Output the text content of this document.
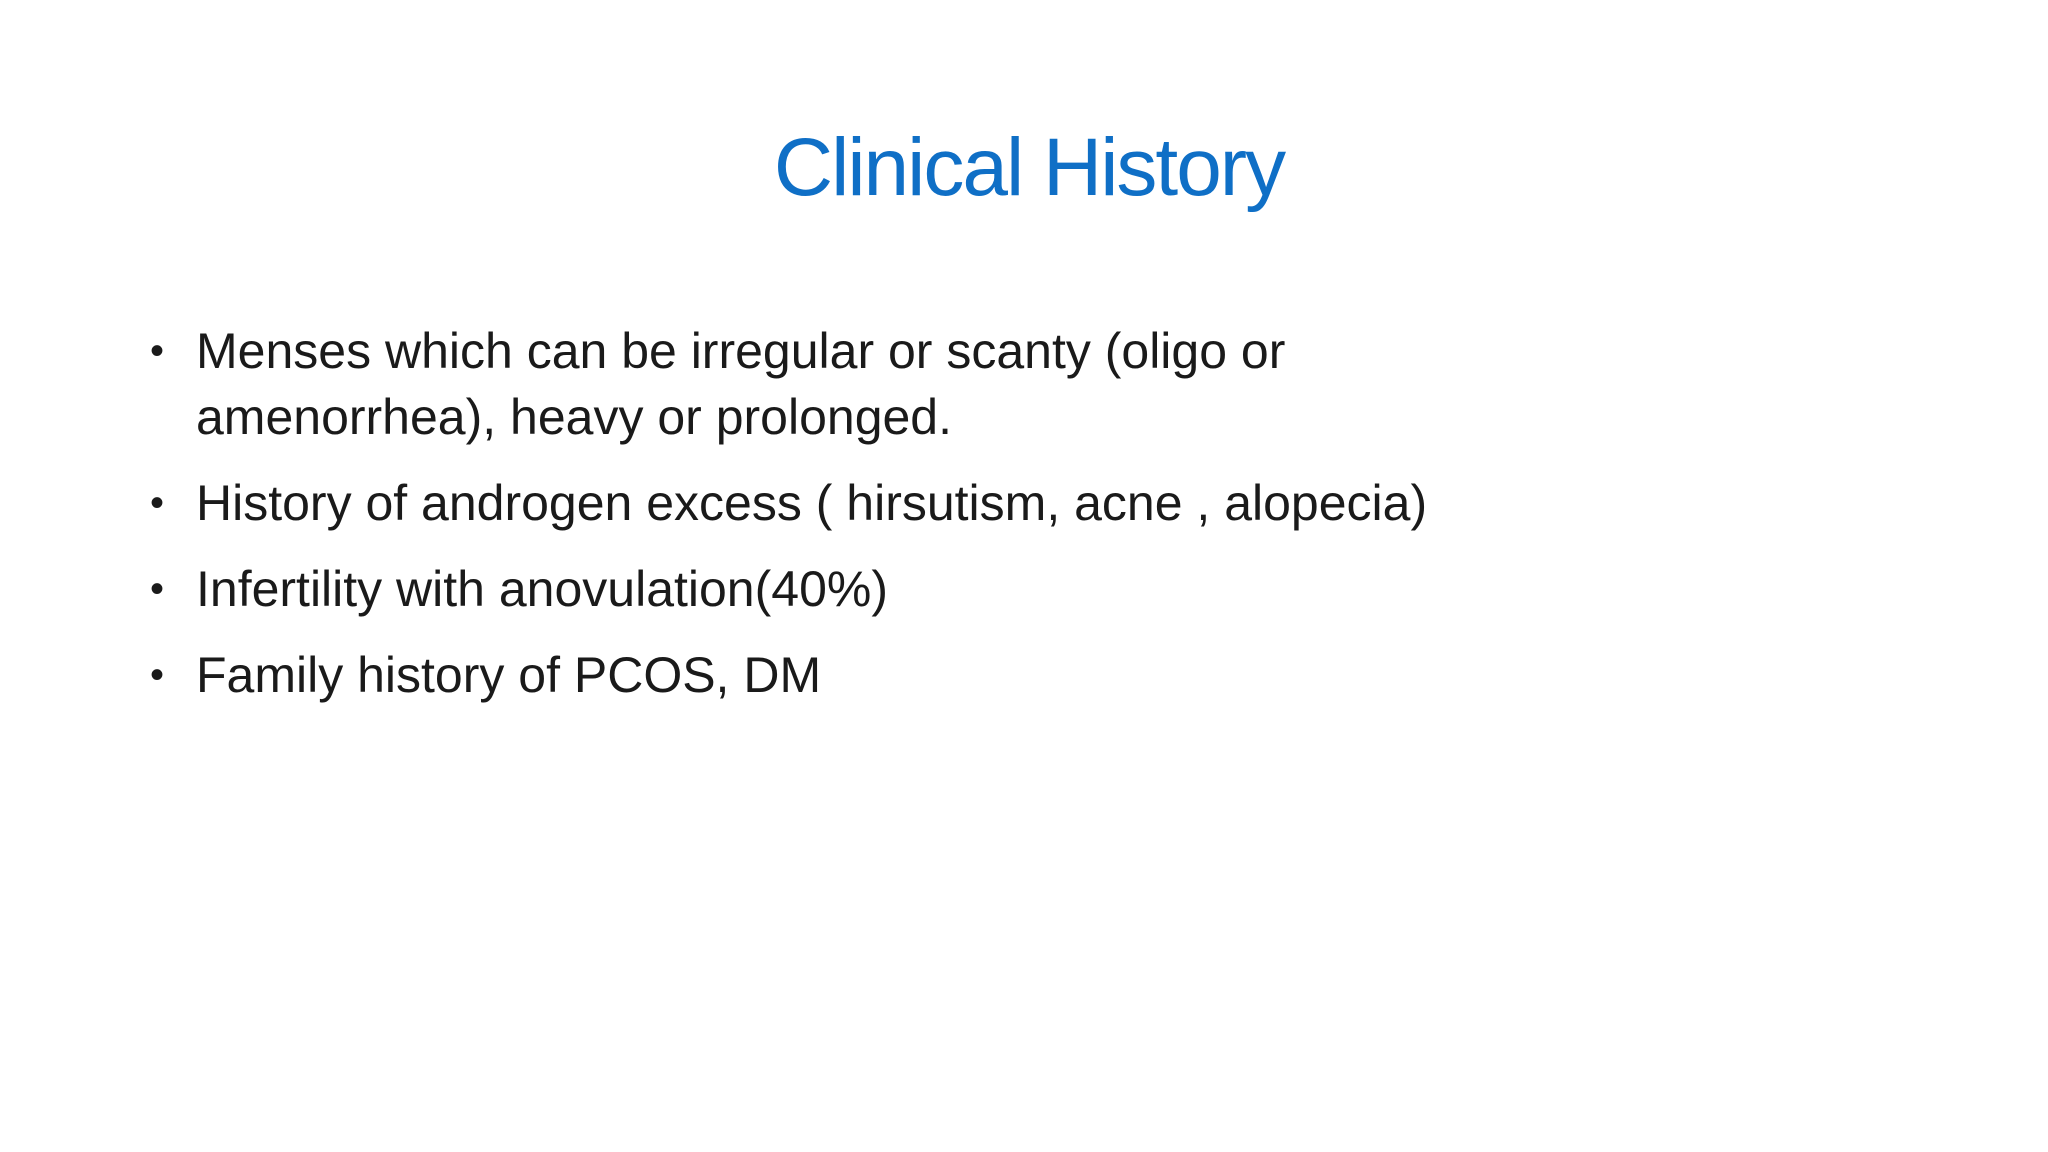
Clinical History
• Menses which can be irregular or scanty (oligo or amenorrhea), heavy or prolonged.
• History of androgen excess ( hirsutism, acne , alopecia)
• Infertility with anovulation(40%)
• Family history of PCOS, DM
